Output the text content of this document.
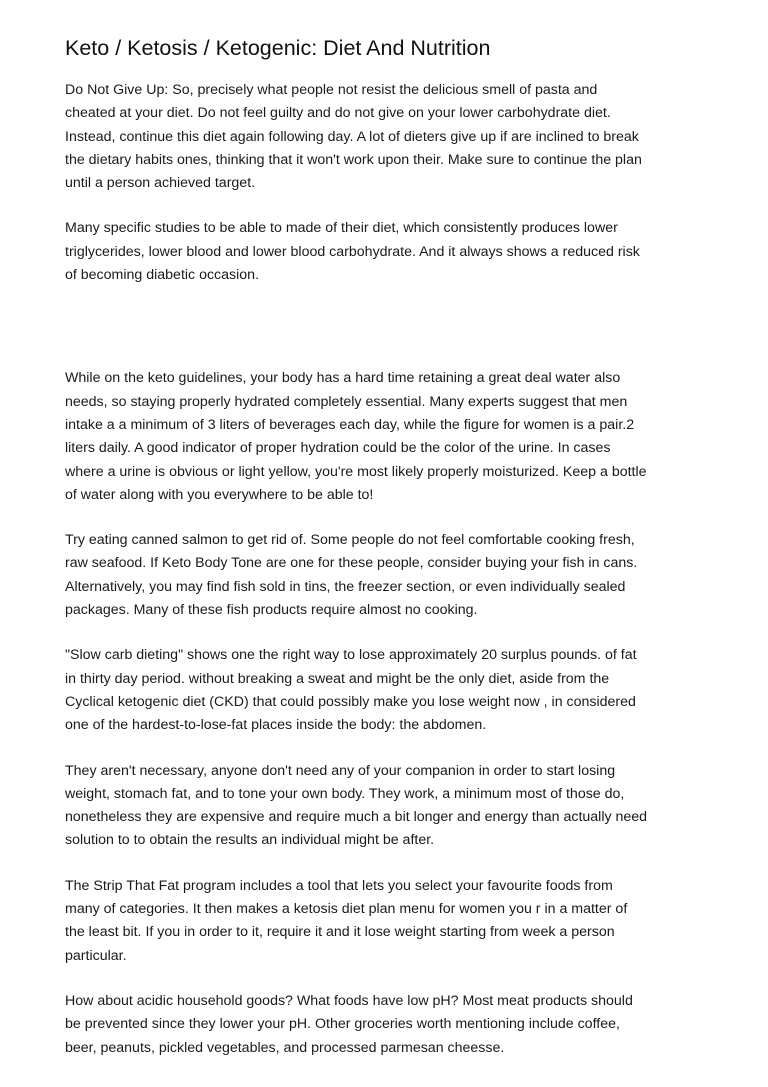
Keto / Ketosis / Ketogenic: Diet And Nutrition

Do Not Give Up: So, precisely what people not resist the delicious smell of pasta and
cheated at your diet. Do not feel guilty and do not give on your lower carbohydrate diet.
Instead, continue this diet again following day. A lot of dieters give up if are inclined to break
the dietary habits ones, thinking that it won't work upon their. Make sure to continue the plan
until a person achieved target.

Many specific studies to be able to made of their diet, which consistently produces lower
triglycerides, lower blood and lower blood carbohydrate. And it always shows a reduced risk
of becoming diabetic occasion.

While on the keto guidelines, your body has a hard time retaining a great deal water also
needs, so staying properly hydrated completely essential. Many experts suggest that men
intake a a minimum of 3 liters of beverages each day, while the figure for women is a pair.2
liters daily. A good indicator of proper hydration could be the color of the urine. In cases
where a urine is obvious or light yellow, you're most likely properly moisturized. Keep a bottle
of water along with you everywhere to be able to!

Try eating canned salmon to get rid of. Some people do not feel comfortable cooking fresh,
raw seafood. If Keto Body Tone are one for these people, consider buying your fish in cans.
Alternatively, you may find fish sold in tins, the freezer section, or even individually sealed
packages. Many of these fish products require almost no cooking.

"Slow carb dieting" shows one the right way to lose approximately 20 surplus pounds. of fat
in thirty day period. without breaking a sweat and might be the only diet, aside from the
Cyclical ketogenic diet (CKD) that could possibly make you lose weight now , in considered
one of the hardest-to-lose-fat places inside the body: the abdomen.

They aren't necessary, anyone don't need any of your companion in order to start losing
weight, stomach fat, and to tone your own body. They work, a minimum most of those do,
nonetheless they are expensive and require much a bit longer and energy than actually need
solution to to obtain the results an individual might be after.

The Strip That Fat program includes a tool that lets you select your favourite foods from
many of categories. It then makes a ketosis diet plan menu for women you r in a matter of
the least bit. If you in order to it, require it and it lose weight starting from week a person
particular.

How about acidic household goods? What foods have low pH? Most meat products should
be prevented since they lower your pH. Other groceries worth mentioning include coffee,
beer, peanuts, pickled vegetables, and processed parmesan cheesse.
